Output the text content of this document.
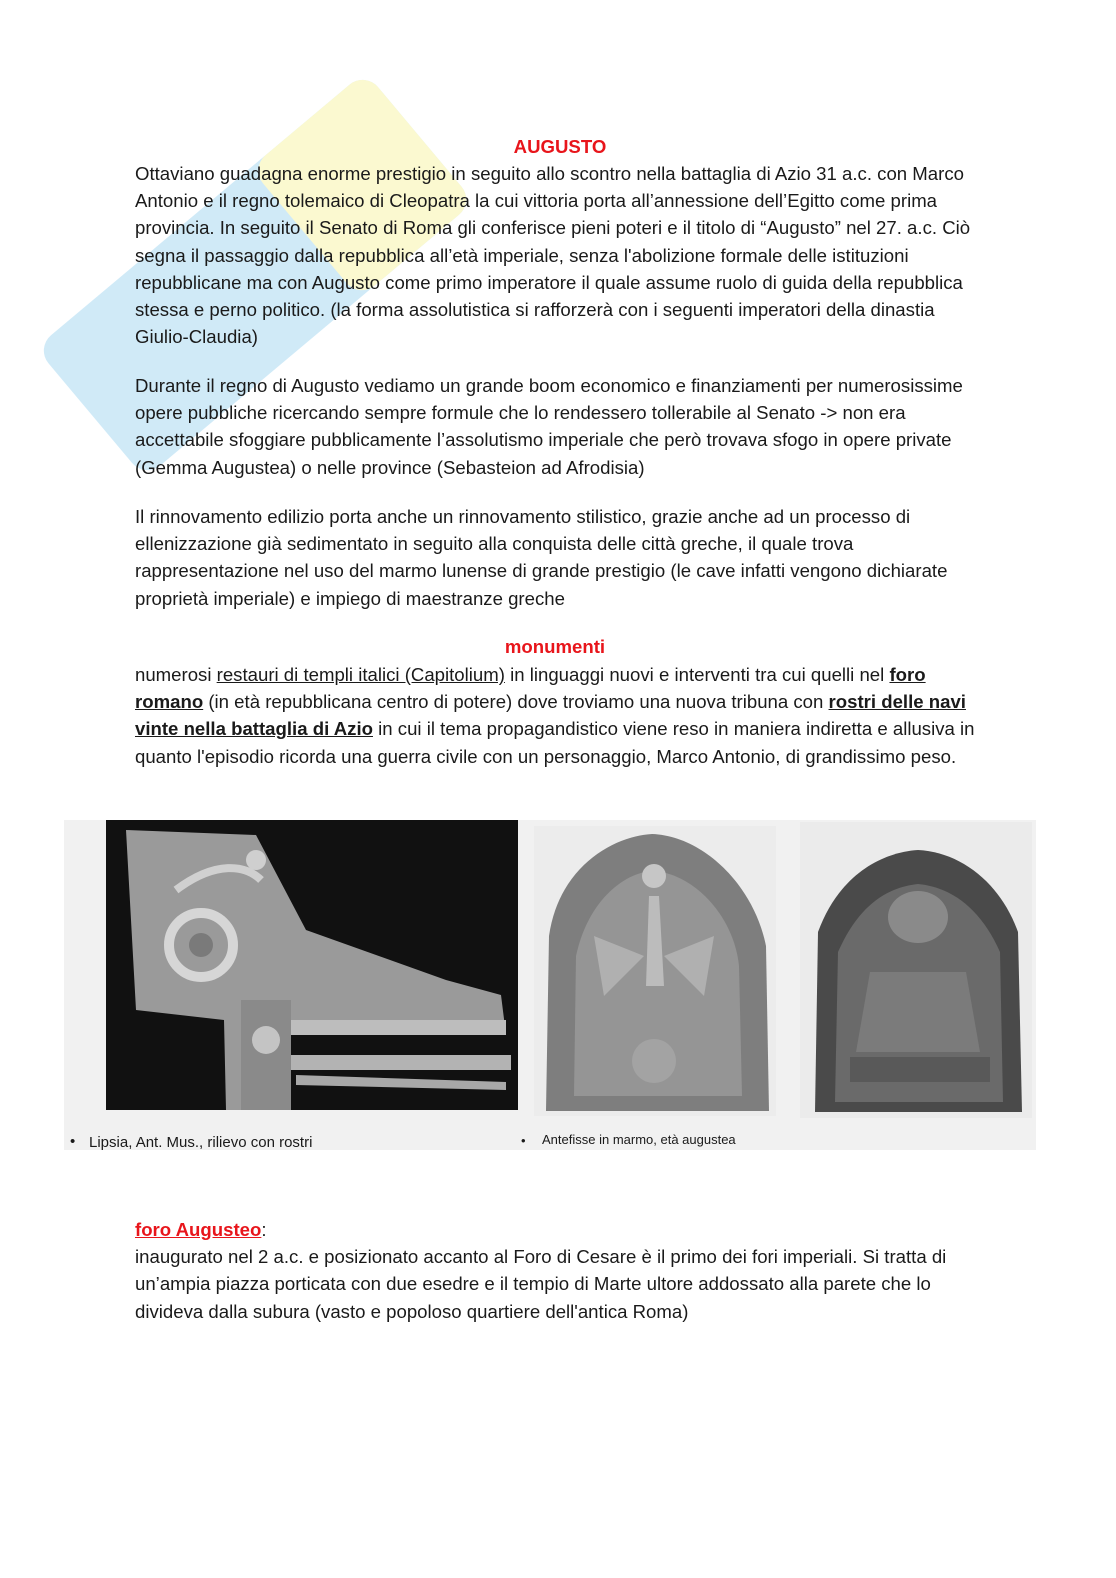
AUGUSTO

Ottaviano guadagna enorme prestigio in seguito allo scontro nella battaglia di Azio 31 a.c. con Marco Antonio e il regno tolemaico di Cleopatra la cui vittoria porta all’annessione dell’Egitto come prima provincia. In seguito il Senato di Roma gli conferisce pieni poteri e il titolo di “Augusto” nel 27. a.c. Ciò segna il passaggio dalla repubblica all’età imperiale, senza l'abolizione formale delle istituzioni repubblicane ma con Augusto come primo imperatore il quale assume ruolo di guida della repubblica stessa e perno politico. (la forma assolutistica si rafforzerà con i seguenti imperatori della dinastia Giulio-Claudia)

Durante il regno di Augusto vediamo un grande boom economico e finanziamenti per numerosissime opere pubbliche ricercando sempre formule che lo rendessero tollerabile al Senato -> non era accettabile sfoggiare pubblicamente l’assolutismo imperiale che però trovava sfogo in opere private (Gemma Augustea) o nelle province (Sebasteion ad Afrodisia)

Il rinnovamento edilizio porta anche un rinnovamento stilistico, grazie anche ad un processo di ellenizzazione già sedimentato in seguito alla conquista delle città greche, il quale trova rappresentazione nel uso del marmo lunense di grande prestigio (le cave infatti vengono dichiarate proprietà imperiale) e impiego di maestranze greche

monumenti

numerosi restauri di templi italici (Capitolium) in linguaggi nuovi e interventi tra cui quelli nel foro romano (in età repubblicana centro di potere) dove troviamo una nuova tribuna con rostri delle navi vinte nella battaglia di Azio in cui il tema propagandistico viene reso in maniera indiretta e allusiva in quanto l'episodio ricorda una guerra civile con un personaggio, Marco Antonio, di grandissimo peso.

• Lipsia, Ant. Mus., rilievo con rostri	• Antefisse in marmo, età augustea

foro Augusteo:

inaugurato nel 2 a.c. e posizionato accanto al Foro di Cesare è il primo dei fori imperiali. Si tratta di un’ampia piazza porticata con due esedre e il tempio di Marte ultore addossato alla parete che lo divideva dalla subura (vasto e popoloso quartiere dell'antica Roma)
